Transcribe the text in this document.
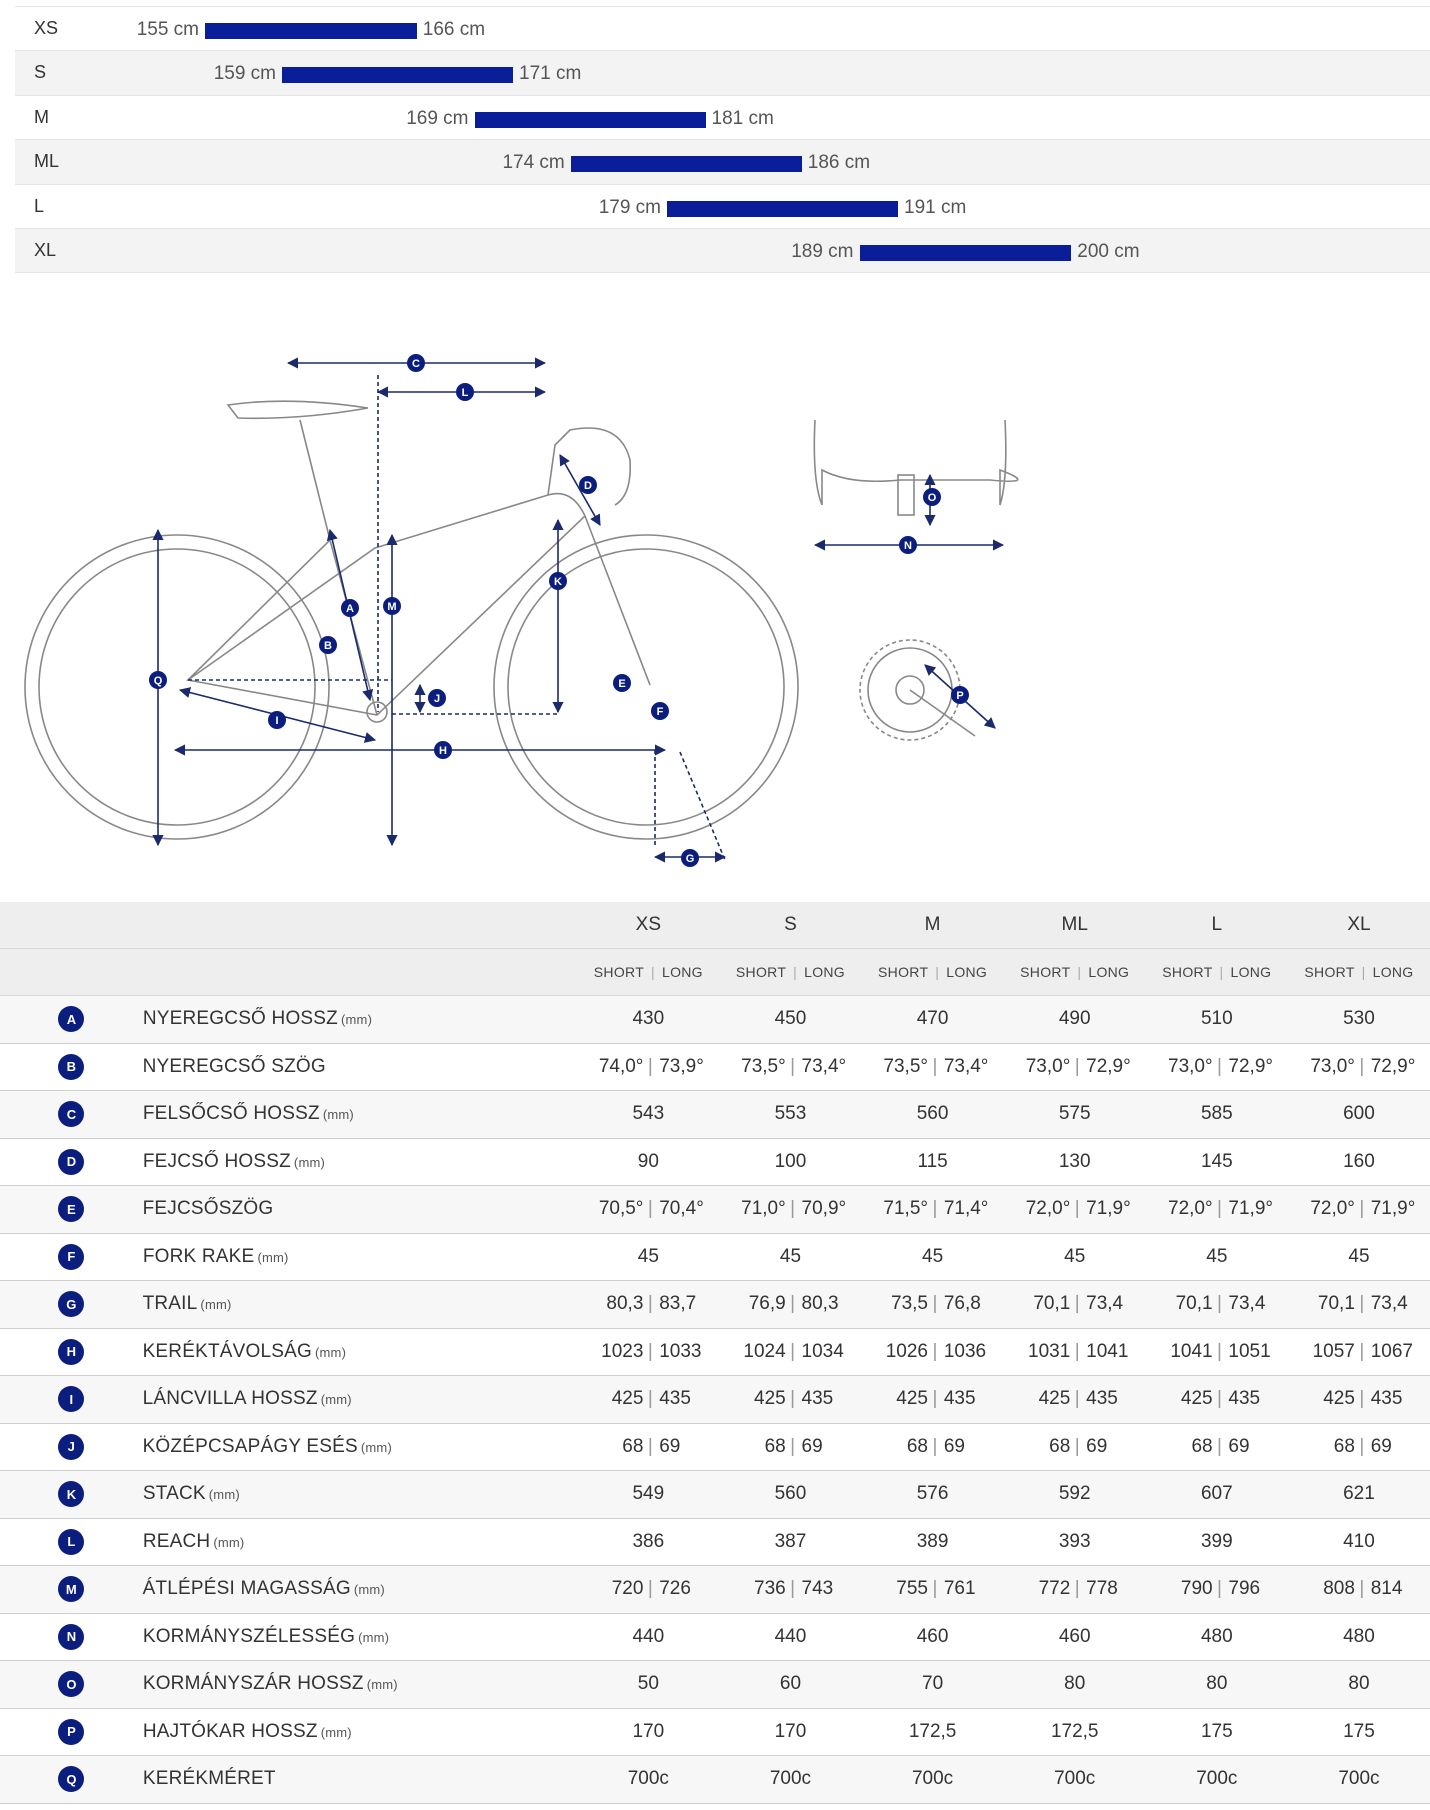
XS	155 cm	166 cm
S	159 cm	171 cm
M	169 cm	181 cm
ML	174 cm	186 cm
L	179 cm	191 cm
XL	189 cm	200 cm
A
B
C
D
E
F
G
H
I
J
K
L
M
N
O
P
Q
XS	S	M	ML	L	XL
SHORT | LONG	SHORT | LONG	SHORT | LONG	SHORT | LONG	SHORT | LONG	SHORT | LONG
A	NYEREGCSŐ HOSSZ (mm)	430	450	470	490	510	530
B	NYEREGCSŐ SZÖG	74,0° | 73,9°	73,5° | 73,4°	73,5° | 73,4°	73,0° | 72,9°	73,0° | 72,9°	73,0° | 72,9°
C	FELSŐCSŐ HOSSZ (mm)	543	553	560	575	585	600
D	FEJCSŐ HOSSZ (mm)	90	100	115	130	145	160
E	FEJCSŐSZÖG	70,5° | 70,4°	71,0° | 70,9°	71,5° | 71,4°	72,0° | 71,9°	72,0° | 71,9°	72,0° | 71,9°
F	FORK RAKE (mm)	45	45	45	45	45	45
G	TRAIL (mm)	80,3 | 83,7	76,9 | 80,3	73,5 | 76,8	70,1 | 73,4	70,1 | 73,4	70,1 | 73,4
H	KERÉKTÁVOLSÁG (mm)	1023 | 1033	1024 | 1034	1026 | 1036	1031 | 1041	1041 | 1051	1057 | 1067
I	LÁNCVILLA HOSSZ (mm)	425 | 435	425 | 435	425 | 435	425 | 435	425 | 435	425 | 435
J	KÖZÉPCSAPÁGY ESÉS (mm)	68 | 69	68 | 69	68 | 69	68 | 69	68 | 69	68 | 69
K	STACK (mm)	549	560	576	592	607	621
L	REACH (mm)	386	387	389	393	399	410
M	ÁTLÉPÉSI MAGASSÁG (mm)	720 | 726	736 | 743	755 | 761	772 | 778	790 | 796	808 | 814
N	KORMÁNYSZÉLESSÉG (mm)	440	440	460	460	480	480
O	KORMÁNYSZÁR HOSSZ (mm)	50	60	70	80	80	80
P	HAJTÓKAR HOSSZ (mm)	170	170	172,5	172,5	175	175
Q	KERÉKMÉRET	700c	700c	700c	700c	700c	700c
